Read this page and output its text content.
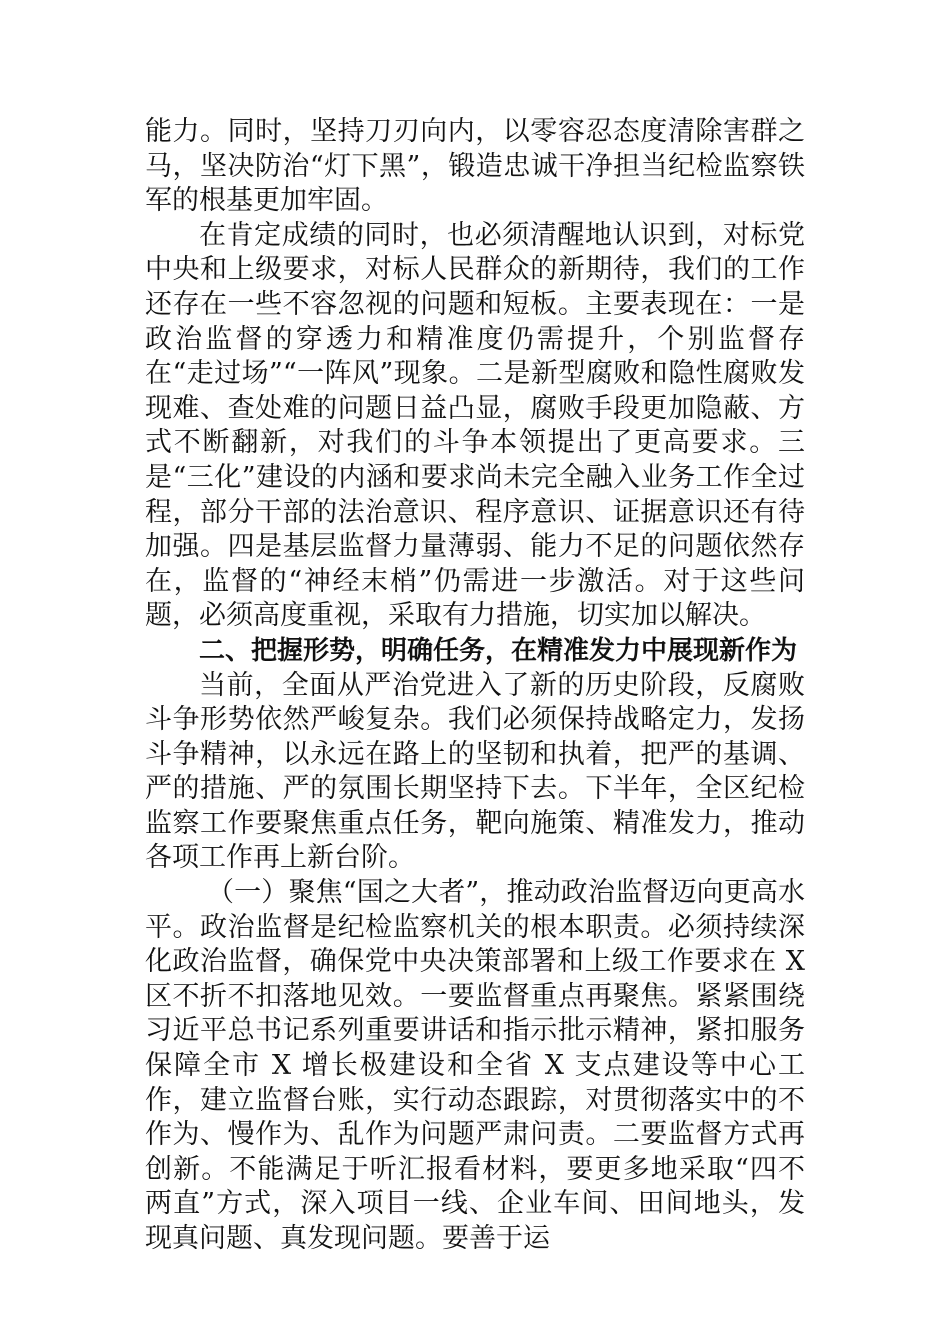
能力。同时，坚持刀刃向内，以零容忍态度清除害群之马，坚决防治“灯下黑”，锻造忠诚干净担当纪检监察铁军的根基更加牢固。

在肯定成绩的同时，也必须清醒地认识到，对标党中央和上级要求，对标人民群众的新期待，我们的工作还存在一些不容忽视的问题和短板。主要表现在：一是政治监督的穿透力和精准度仍需提升，个别监督存在“走过场”“一阵风”现象。二是新型腐败和隐性腐败发现难、查处难的问题日益凸显，腐败手段更加隐蔽、方式不断翻新，对我们的斗争本领提出了更高要求。三是“三化”建设的内涵和要求尚未完全融入业务工作全过程，部分干部的法治意识、程序意识、证据意识还有待加强。四是基层监督力量薄弱、能力不足的问题依然存在，监督的“神经末梢”仍需进一步激活。对于这些问题，必须高度重视，采取有力措施，切实加以解决。

二、把握形势，明确任务，在精准发力中展现新作为

当前，全面从严治党进入了新的历史阶段，反腐败斗争形势依然严峻复杂。我们必须保持战略定力，发扬斗争精神，以永远在路上的坚韧和执着，把严的基调、严的措施、严的氛围长期坚持下去。下半年，全区纪检监察工作要聚焦重点任务，靶向施策、精准发力，推动各项工作再上新台阶。

（一）聚焦“国之大者”，推动政治监督迈向更高水平。政治监督是纪检监察机关的根本职责。必须持续深化政治监督，确保党中央决策部署和上级工作要求在 X 区不折不扣落地见效。一要监督重点再聚焦。紧紧围绕习近平总书记系列重要讲话和指示批示精神，紧扣服务保障全市 X 增长极建设和全省 X 支点建设等中心工作，建立监督台账，实行动态跟踪，对贯彻落实中的不作为、慢作为、乱作为问题严肃问责。二要监督方式再创新。不能满足于听汇报看材料，要更多地采取“四不两直”方式，深入项目一线、企业车间、田间地头，发现真问题、真发现问题。要善于运
